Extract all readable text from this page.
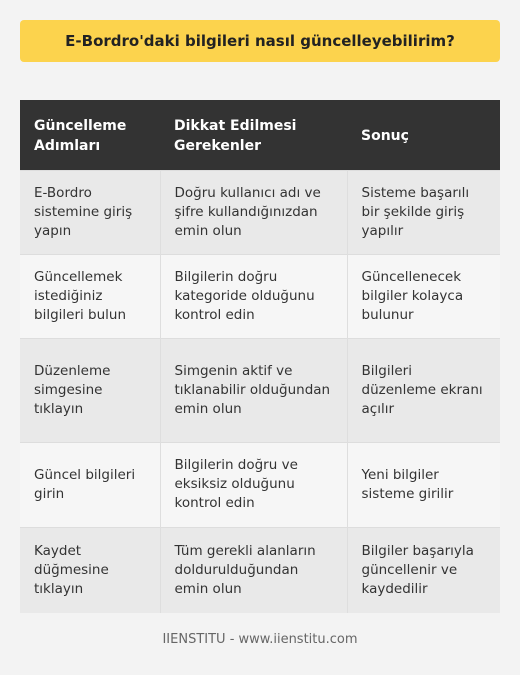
E-Bordro'daki bilgileri nasıl güncelleyebilirim?
Güncelleme Adımları	Dikkat Edilmesi Gerekenler	Sonuç
E-Bordro sistemine giriş yapın	Doğru kullanıcı adı ve şifre kullandığınızdan emin olun	Sisteme başarılı bir şekilde giriş yapılır
Güncellemek istediğiniz bilgileri bulun	Bilgilerin doğru kategoride olduğunu kontrol edin	Güncellenecek bilgiler kolayca bulunur
Düzenleme simgesine tıklayın	Simgenin aktif ve tıklanabilir olduğundan emin olun	Bilgileri düzenleme ekranı açılır
Güncel bilgileri girin	Bilgilerin doğru ve eksiksiz olduğunu kontrol edin	Yeni bilgiler sisteme girilir
Kaydet düğmesine tıklayın	Tüm gerekli alanların doldurulduğundan emin olun	Bilgiler başarıyla güncellenir ve kaydedilir
IIENSTITU - www.iienstitu.com
